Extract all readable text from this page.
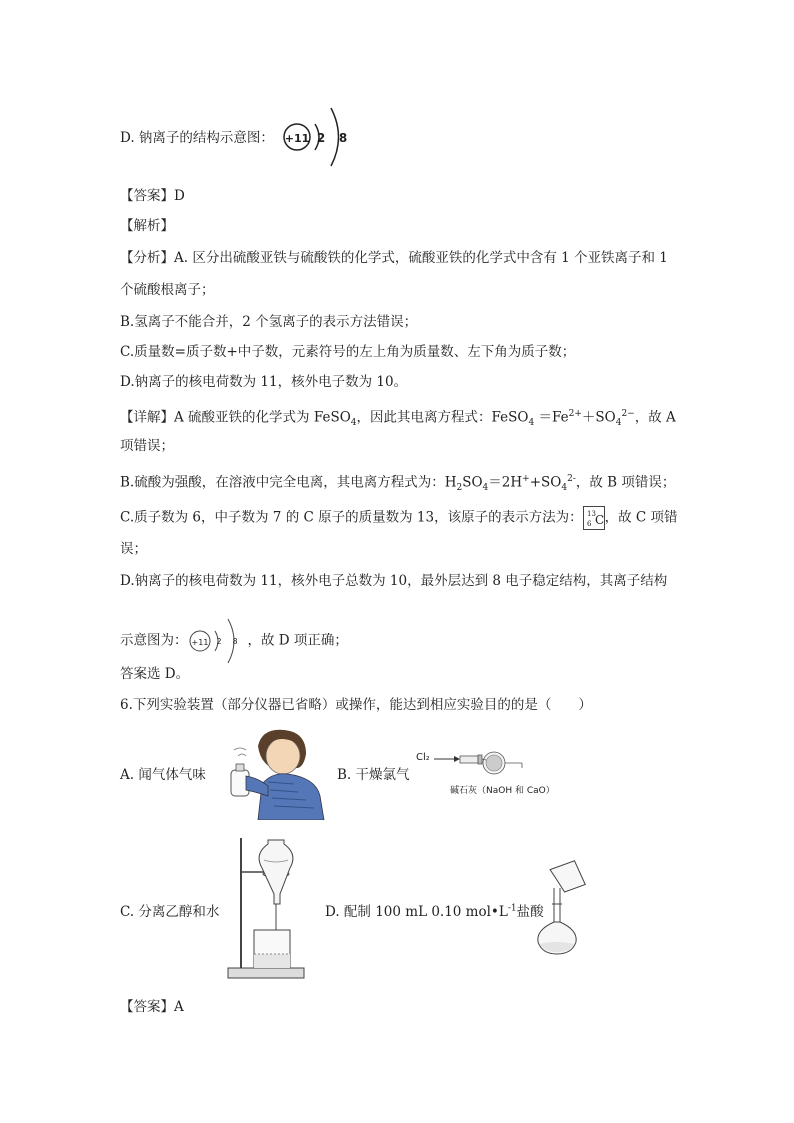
D. 钠离子的结构示意图： +11 2 8
【答案】D
【解析】
【分析】A. 区分出硫酸亚铁与硫酸铁的化学式，硫酸亚铁的化学式中含有 1 个亚铁离子和 1
个硫酸根离子；
B.氢离子不能合并，2 个氢离子的表示方法错误；
C.质量数=质子数+中子数，元素符号的左上角为质量数、左下角为质子数；
D.钠离子的核电荷数为 11，核外电子数为 10。
【详解】A 硫酸亚铁的化学式为 FeSO$_4$，因此其电离方程式：FeSO$_4$ $=Fe^{2+}+SO_4^{2-}$，故 A
项错误；
B.硫酸为强酸，在溶液中完全电离，其电离方程式为：$H_2SO_4=2H^++SO_4^{2-}$，故 B 项错误；
C.质子数为 6，中子数为 7 的 C 原子的质量数为 13，该原子的表示方法为： 13
6 C ，故 C 项错
误；
D.钠离子的核电荷数为 11，核外电子总数为 10，最外层达到 8 电子稳定结构，其离子结构
示意图为： +11 2 8 ，故 D 项正确；
答案选 D。
6.下列实验装置（部分仪器已省略）或操作，能达到相应实验目的的是（　　）
A. 闻气体气味	B. 干燥氯气
Cl₂
碱石灰（NaOH 和 CaO）
C. 分离乙醇和水	D. 配制 100 mL 0.10 $mol•L^{-1}$盐酸
【答案】A
